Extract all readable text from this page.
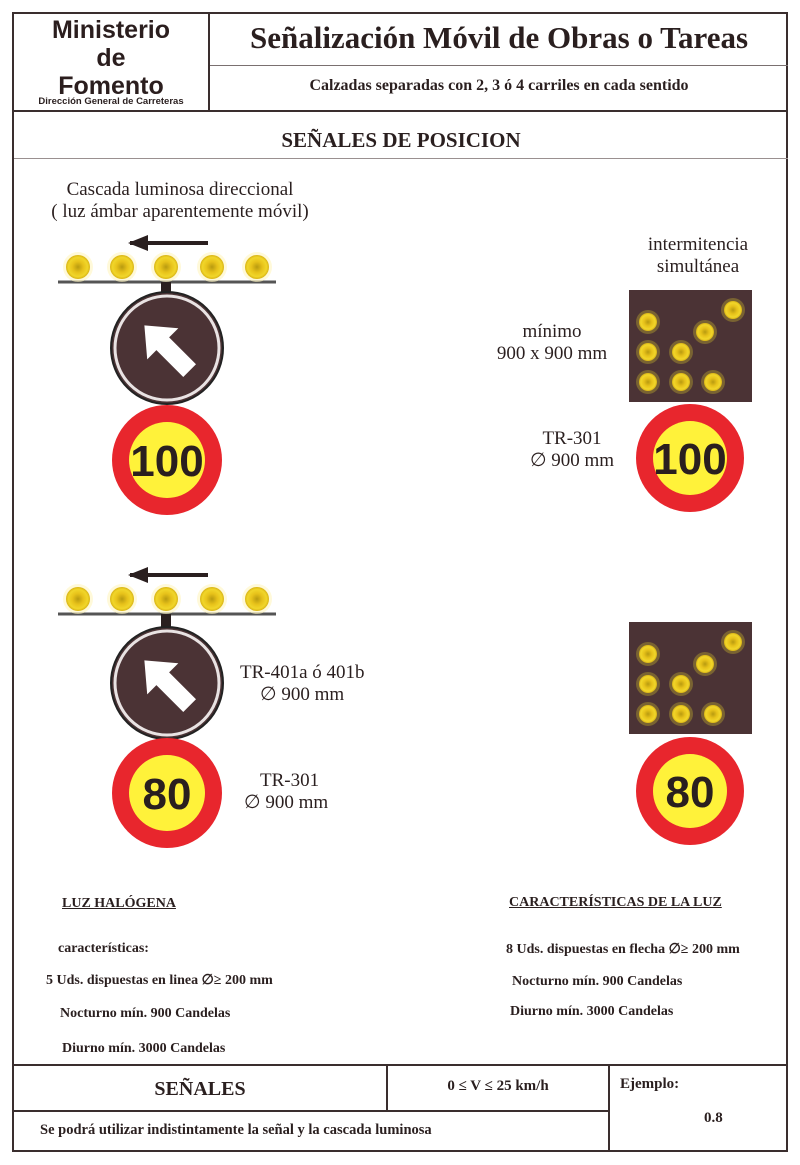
Ministerio
de
Fomento
Dirección General de Carreteras
Señalización Móvil de Obras o Tareas
Calzadas separadas con 2, 3 ó 4 carriles en cada sentido
SEÑALES DE POSICION
Cascada luminosa direccional
( luz ámbar aparentemente móvil)
intermitencia
simultánea
mínimo
900 x 900 mm
TR-301
∅ 900 mm
TR-401a ó 401b
∅ 900 mm
TR-301
∅ 900 mm
100	100
80	80
LUZ HALÓGENA
características:
5 Uds. dispuestas en linea ∅≥ 200 mm
Nocturno mín. 900 Candelas
Diurno mín. 3000 Candelas
CARACTERÍSTICAS DE LA LUZ
8 Uds. dispuestas en flecha ∅≥ 200 mm
Nocturno mín. 900 Candelas
Diurno mín. 3000 Candelas
SEÑALES	0 ≤ V ≤ 25 km/h	Ejemplo:
0.8
Se podrá utilizar indistintamente la señal y la cascada luminosa
